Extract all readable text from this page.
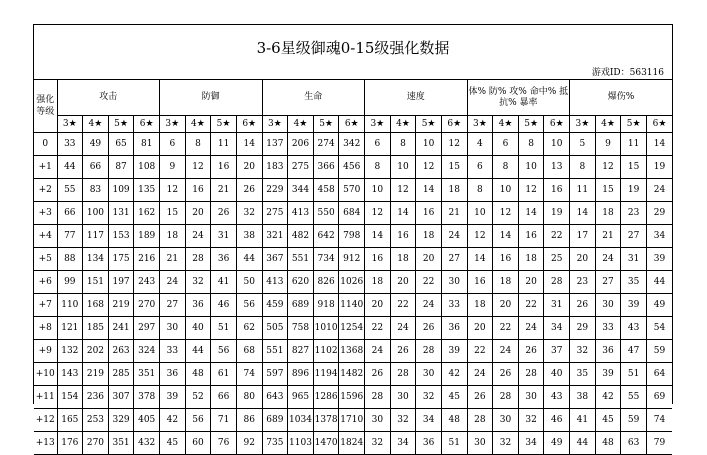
3-6星级御魂0-15级强化数据
游戏ID：563116
强化
等级	攻击				防御				生命				速度				体% 防% 攻% 命中% 抵抗% 暴率				爆伤%			
	3★	4★	5★	6★	3★	4★	5★	6★	3★	4★	5★	6★	3★	4★	5★	6★	3★	4★	5★	6★	3★	4★	5★	6★
0	33	49	65	81	6	8	11	14	137	206	274	342	6	8	10	12	4	6	8	10	5	9	11	14
+1	44	66	87	108	9	12	16	20	183	275	366	456	8	10	12	15	6	8	10	13	8	12	15	19
+2	55	83	109	135	12	16	21	26	229	344	458	570	10	12	14	18	8	10	12	16	11	15	19	24
+3	66	100	131	162	15	20	26	32	275	413	550	684	12	14	16	21	10	12	14	19	14	18	23	29
+4	77	117	153	189	18	24	31	38	321	482	642	798	14	16	18	24	12	14	16	22	17	21	27	34
+5	88	134	175	216	21	28	36	44	367	551	734	912	16	18	20	27	14	16	18	25	20	24	31	39
+6	99	151	197	243	24	32	41	50	413	620	826	1026	18	20	22	30	16	18	20	28	23	27	35	44
+7	110	168	219	270	27	36	46	56	459	689	918	1140	20	22	24	33	18	20	22	31	26	30	39	49
+8	121	185	241	297	30	40	51	62	505	758	1010	1254	22	24	26	36	20	22	24	34	29	33	43	54
+9	132	202	263	324	33	44	56	68	551	827	1102	1368	24	26	28	39	22	24	26	37	32	36	47	59
+10	143	219	285	351	36	48	61	74	597	896	1194	1482	26	28	30	42	24	26	28	40	35	39	51	64
+11	154	236	307	378	39	52	66	80	643	965	1286	1596	28	30	32	45	26	28	30	43	38	42	55	69
+12	165	253	329	405	42	56	71	86	689	1034	1378	1710	30	32	34	48	28	30	32	46	41	45	59	74
+13	176	270	351	432	45	60	76	92	735	1103	1470	1824	32	34	36	51	30	32	34	49	44	48	63	79
